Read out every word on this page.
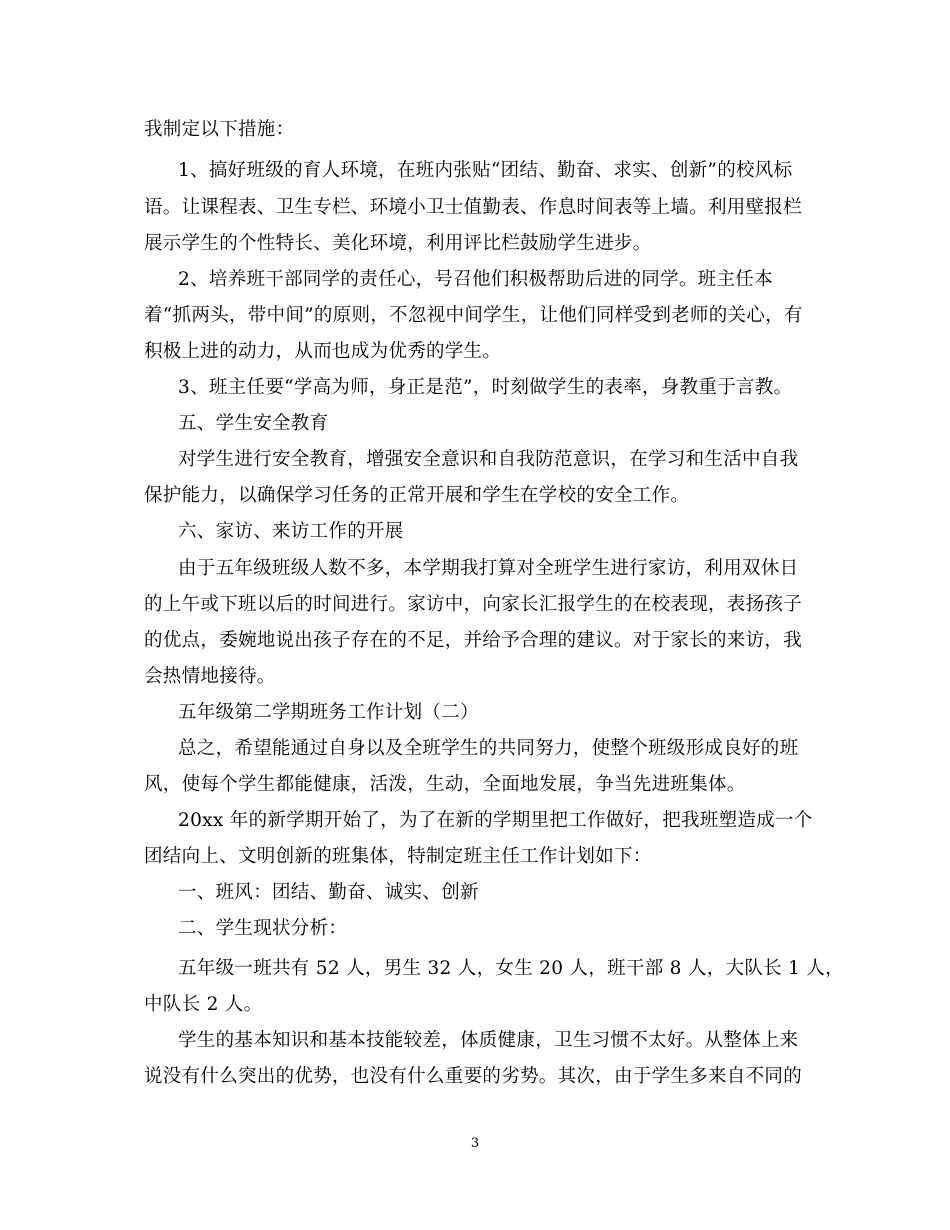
我制定以下措施：
1、搞好班级的育人环境，在班内张贴“团结、勤奋、求实、创新”的校风标
语。让课程表、卫生专栏、环境小卫士值勤表、作息时间表等上墙。利用壁报栏
展示学生的个性特长、美化环境，利用评比栏鼓励学生进步。
2、培养班干部同学的责任心，号召他们积极帮助后进的同学。班主任本
着“抓两头，带中间”的原则，不忽视中间学生，让他们同样受到老师的关心，有
积极上进的动力，从而也成为优秀的学生。
3、班主任要“学高为师，身正是范”，时刻做学生的表率，身教重于言教。
五、学生安全教育
对学生进行安全教育，增强安全意识和自我防范意识，在学习和生活中自我
保护能力，以确保学习任务的正常开展和学生在学校的安全工作。
六、家访、来访工作的开展
由于五年级班级人数不多，本学期我打算对全班学生进行家访，利用双休日
的上午或下班以后的时间进行。家访中，向家长汇报学生的在校表现，表扬孩子
的优点，委婉地说出孩子存在的不足，并给予合理的建议。对于家长的来访，我
会热情地接待。
五年级第二学期班务工作计划（二）
总之，希望能通过自身以及全班学生的共同努力，使整个班级形成良好的班
风，使每个学生都能健康，活泼，生动，全面地发展，争当先进班集体。
20xx 年的新学期开始了，为了在新的学期里把工作做好，把我班塑造成一个
团结向上、文明创新的班集体，特制定班主任工作计划如下：
一、班风：团结、勤奋、诚实、创新
二、学生现状分析：
五年级一班共有 52 人，男生 32 人，女生 20 人，班干部 8 人，大队长 1 人，
中队长 2 人。
学生的基本知识和基本技能较差，体质健康，卫生习惯不太好。从整体上来
说没有什么突出的优势，也没有什么重要的劣势。其次，由于学生多来自不同的
3
